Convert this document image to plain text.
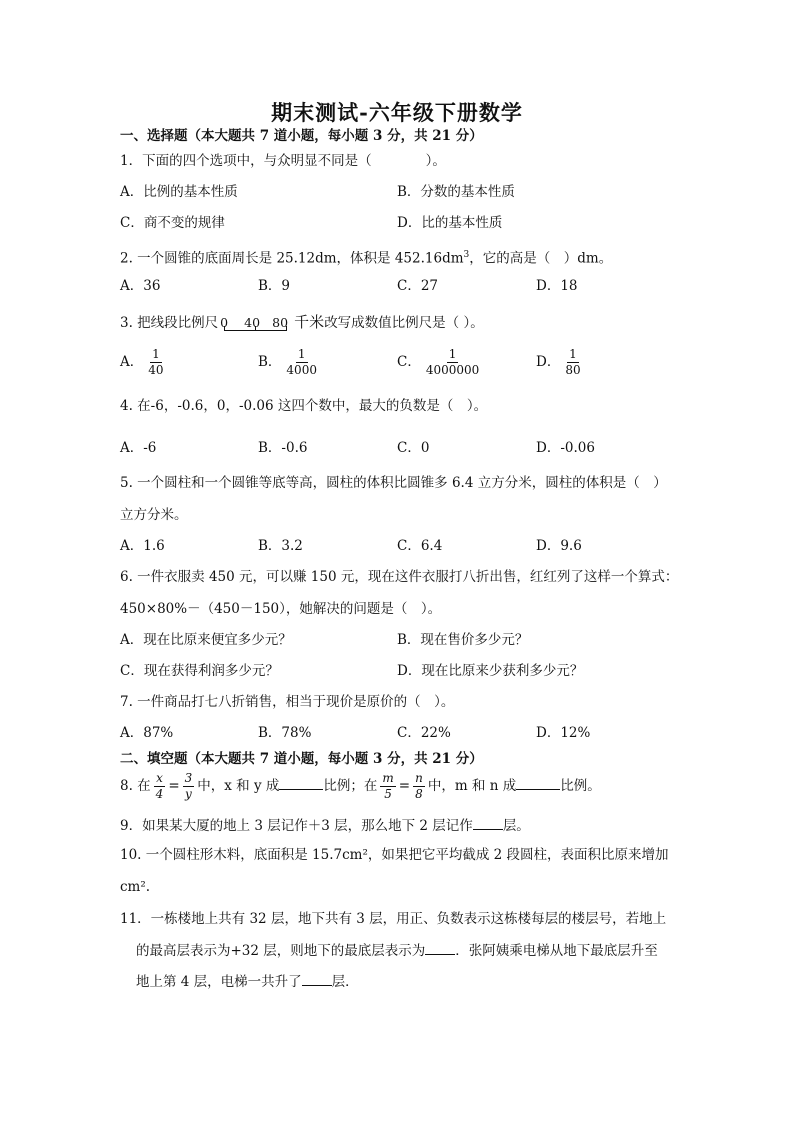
期末测试-六年级下册数学
一、选择题（本大题共 7 道小题，每小题 3 分，共 21 分）
1．下面的四个选项中，与众明显不同是（　　　　）。
A．比例的基本性质	B．分数的基本性质
C．商不变的规律	D．比的基本性质
2. 一个圆锥的底面周长是 25.12dm，体积是 $452.16dm^3$，它的高是（　）dm。
A．36	B．9	C．27	D．18
3. 把线段比例尺 0 40 80 千米改写成数值比例尺是（ ）。
A． $\frac{1}{40}$	B． $\frac{1}{4000}$	C． $\frac{1}{4000000}$	D． $\frac{1}{80}$
4. 在-6，-0.6，0，-0.06 这四个数中，最大的负数是（　）。
A．-6	B．-0.6	C．0	D．-0.06
5. 一个圆柱和一个圆锥等底等高，圆柱的体积比圆锥多 6.4 立方分米，圆柱的体积是（　）
立方分米。
A．1.6	B．3.2	C．6.4	D．9.6
6. 一件衣服卖 450 元，可以赚 150 元，现在这件衣服打八折出售，红红列了这样一个算式：
450×80%－（450－150），她解决的问题是（　）。
A．现在比原来便宜多少元？	B．现在售价多少元？
C．现在获得利润多少元？	D．现在比原来少获利多少元？
7. 一件商品打七八折销售，相当于现价是原价的（　）。
A．87%	B．78%	C．22%	D．12%
二、填空题（本大题共 7 道小题，每小题 3 分，共 21 分）
8. 在 $\frac{x}{4} = \frac{3}{y}$ 中，x 和 y 成	比例；在 $\frac{m}{5} = \frac{n}{8}$ 中，m 和 n 成	比例。
9．如果某大厦的地上 3 层记作＋3 层，那么地下 2 层记作 层。
10. 一个圆柱形木料，底面积是 15.7cm²，如果把它平均截成 2 段圆柱，表面积比原来增加
cm².
11．一栋楼地上共有 32 层，地下共有 3 层，用正、负数表示这栋楼每层的楼层号，若地上
的最高层表示为+32 层，则地下的最底层表示为 ．张阿姨乘电梯从地下最底层升至
地上第 4 层，电梯一共升了 层．
